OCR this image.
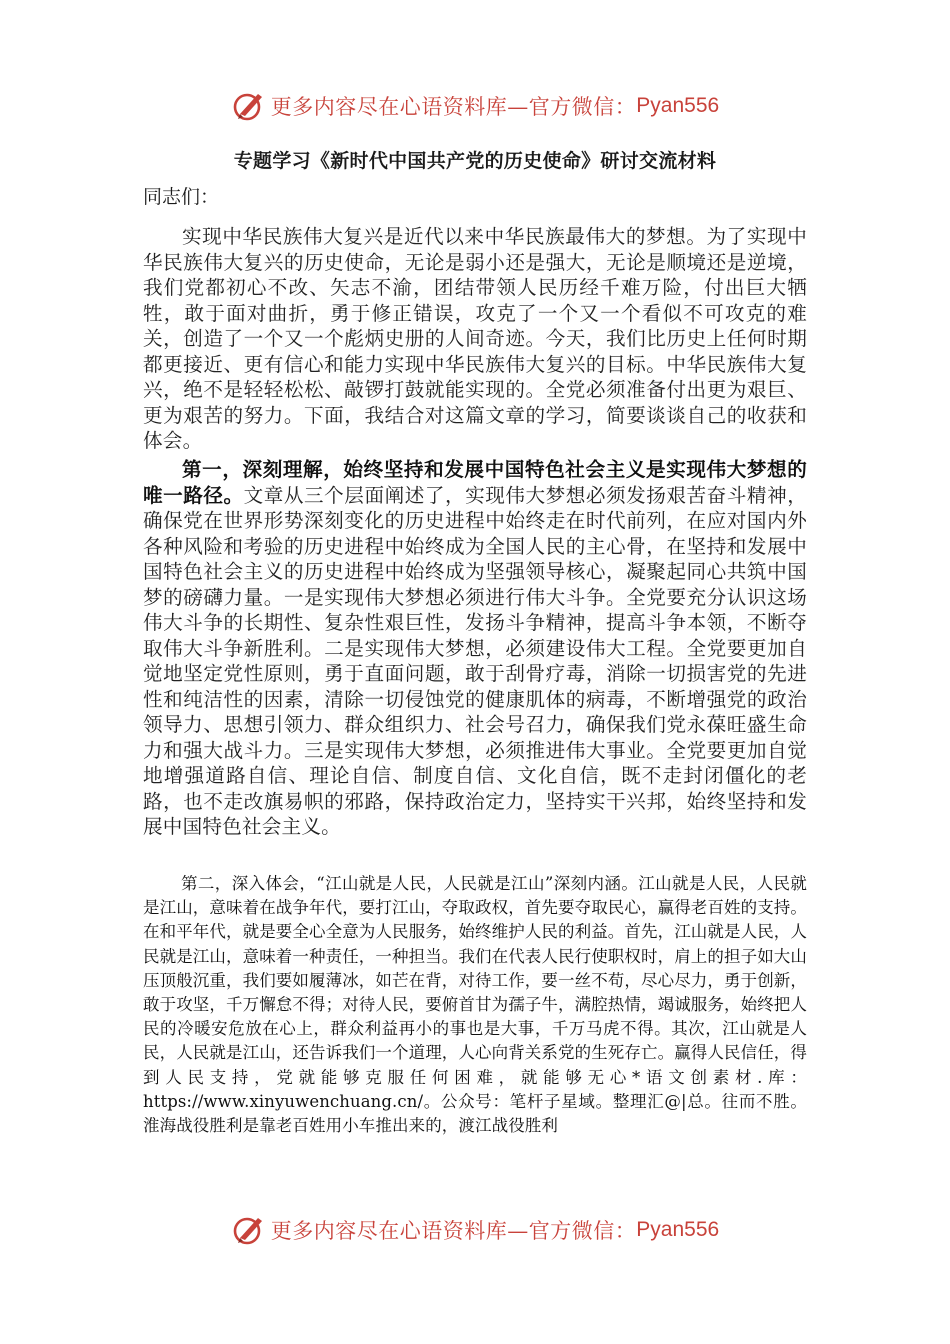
更多内容尽在心语资料库—官方微信： Pyan556
专题学习《新时代中国共产党的历史使命》研讨交流材料
同志们：

实现中华民族伟大复兴是近代以来中华民族最伟大的梦想。为了实现中华民族伟大复兴的历史使命，无论是弱小还是强大，无论是顺境还是逆境，我们党都初心不改、矢志不渝，团结带领人民历经千难万险，付出巨大牺牲，敢于面对曲折，勇于修正错误，攻克了一个又一个看似不可攻克的难关，创造了一个又一个彪炳史册的人间奇迹。今天，我们比历史上任何时期都更接近、更有信心和能力实现中华民族伟大复兴的目标。中华民族伟大复兴，绝不是轻轻松松、敲锣打鼓就能实现的。全党必须准备付出更为艰巨、更为艰苦的努力。下面，我结合对这篇文章的学习，简要谈谈自己的收获和体会。

第一，深刻理解，始终坚持和发展中国特色社会主义是实现伟大梦想的唯一路径。文章从三个层面阐述了，实现伟大梦想必须发扬艰苦奋斗精神，确保党在世界形势深刻变化的历史进程中始终走在时代前列，在应对国内外各种风险和考验的历史进程中始终成为全国人民的主心骨，在坚持和发展中国特色社会主义的历史进程中始终成为坚强领导核心，凝聚起同心共筑中国梦的磅礴力量。一是实现伟大梦想必须进行伟大斗争。全党要充分认识这场伟大斗争的长期性、复杂性艰巨性，发扬斗争精神，提高斗争本领，不断夺取伟大斗争新胜利。二是实现伟大梦想，必须建设伟大工程。全党要更加自觉地坚定党性原则，勇于直面问题，敢于刮骨疗毒，消除一切损害党的先进性和纯洁性的因素，清除一切侵蚀党的健康肌体的病毒，不断增强党的政治领导力、思想引领力、群众组织力、社会号召力，确保我们党永葆旺盛生命力和强大战斗力。三是实现伟大梦想，必须推进伟大事业。全党要更加自觉地增强道路自信、理论自信、制度自信、文化自信，既不走封闭僵化的老路，也不走改旗易帜的邪路，保持政治定力，坚持实干兴邦，始终坚持和发展中国特色社会主义。

第二，深入体会，“江山就是人民，人民就是江山”深刻内涵。江山就是人民，人民就是江山，意味着在战争年代，要打江山，夺取政权，首先要夺取民心，赢得老百姓的支持。在和平年代，就是要全心全意为人民服务，始终维护人民的利益。首先，江山就是人民，人民就是江山，意味着一种责任，一种担当。我们在代表人民行使职权时，肩上的担子如大山压顶般沉重，我们要如履薄冰，如芒在背，对待工作，要一丝不苟，尽心尽力，勇于创新，敢于攻坚，千万懈怠不得；对待人民，要俯首甘为孺子牛，满腔热情，竭诚服务，始终把人民的冷暖安危放在心上，群众利益再小的事也是大事，千万马虎不得。其次，江山就是人民，人民就是江山，还告诉我们一个道理，人心向背关系党的生死存亡。赢得人民信任，得到人民支持，党就能够克服任何困难，就能够无心*语文创素材.库：https://www.xinyuwenchuang.cn/。公众号：笔杆子星域。整理汇@|总。往而不胜。淮海战役胜利是靠老百姓用小车推出来的，渡江战役胜利

更多内容尽在心语资料库—官方微信： Pyan556
